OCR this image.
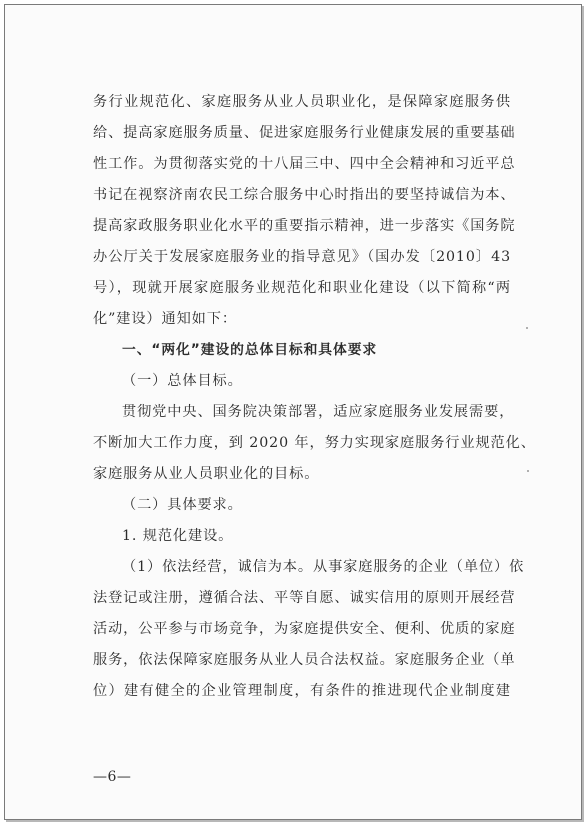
务行业规范化、家庭服务从业人员职业化，是保障家庭服务供
给、提高家庭服务质量、促进家庭服务行业健康发展的重要基础
性工作。为贯彻落实党的十八届三中、四中全会精神和习近平总
书记在视察济南农民工综合服务中心时指出的要坚持诚信为本、
提高家政服务职业化水平的重要指示精神，进一步落实《国务院
办公厅关于发展家庭服务业的指导意见》（国办发〔2010〕43
号），现就开展家庭服务业规范化和职业化建设（以下简称“两
化”建设）通知如下：
一、“两化”建设的总体目标和具体要求
（一）总体目标。
贯彻党中央、国务院决策部署，适应家庭服务业发展需要，
不断加大工作力度，到 2020 年，努力实现家庭服务行业规范化、
家庭服务从业人员职业化的目标。
（二）具体要求。
1. 规范化建设。
（1）依法经营，诚信为本。从事家庭服务的企业（单位）依
法登记或注册，遵循合法、平等自愿、诚实信用的原则开展经营
活动，公平参与市场竞争，为家庭提供安全、便利、优质的家庭
服务，依法保障家庭服务从业人员合法权益。家庭服务企业（单
位）建有健全的企业管理制度，有条件的推进现代企业制度建
—6—
